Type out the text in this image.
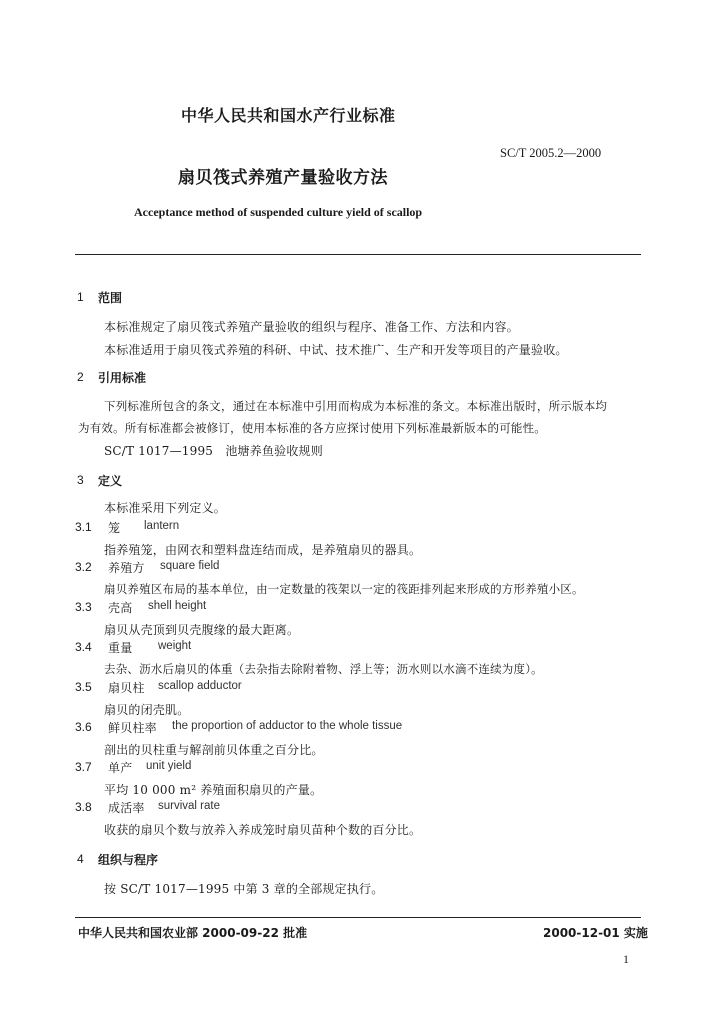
中华人民共和国水产行业标准
SC/T 2005.2—2000
扇贝筏式养殖产量验收方法
Acceptance method of suspended culture yield of scallop
1 范围
本标准规定了扇贝筏式养殖产量验收的组织与程序、准备工作、方法和内容。
本标准适用于扇贝筏式养殖的科研、中试、技术推广、生产和开发等项目的产量验收。
2 引用标准
下列标准所包含的条文，通过在本标准中引用而构成为本标准的条文。本标准出版时，所示版本均
为有效。所有标准都会被修订，使用本标准的各方应探讨使用下列标准最新版本的可能性。
SC/T 1017—1995　池塘养鱼验收规则
3 定义
本标准采用下列定义。
3.1 笼 lantern
指养殖笼，由网衣和塑料盘连结而成，是养殖扇贝的器具。
3.2 养殖方 square field
扇贝养殖区布局的基本单位，由一定数量的筏架以一定的筏距排列起来形成的方形养殖小区。
3.3 壳高 shell height
扇贝从壳顶到贝壳腹缘的最大距离。
3.4 重量 weight
去杂、沥水后扇贝的体重（去杂指去除附着物、浮上等；沥水则以水滴不连续为度）。
3.5 扇贝柱 scallop adductor
扇贝的闭壳肌。
3.6 鲜贝柱率 the proportion of adductor to the whole tissue
剖出的贝柱重与解剖前贝体重之百分比。
3.7 单产 unit yield
平均 10 000 m² 养殖面积扇贝的产量。
3.8 成活率 survival rate
收获的扇贝个数与放养入养成笼时扇贝苗种个数的百分比。
4 组织与程序
按 SC/T 1017—1995 中第 3 章的全部规定执行。
中华人民共和国农业部 2000-09-22 批准	2000-12-01 实施
1
